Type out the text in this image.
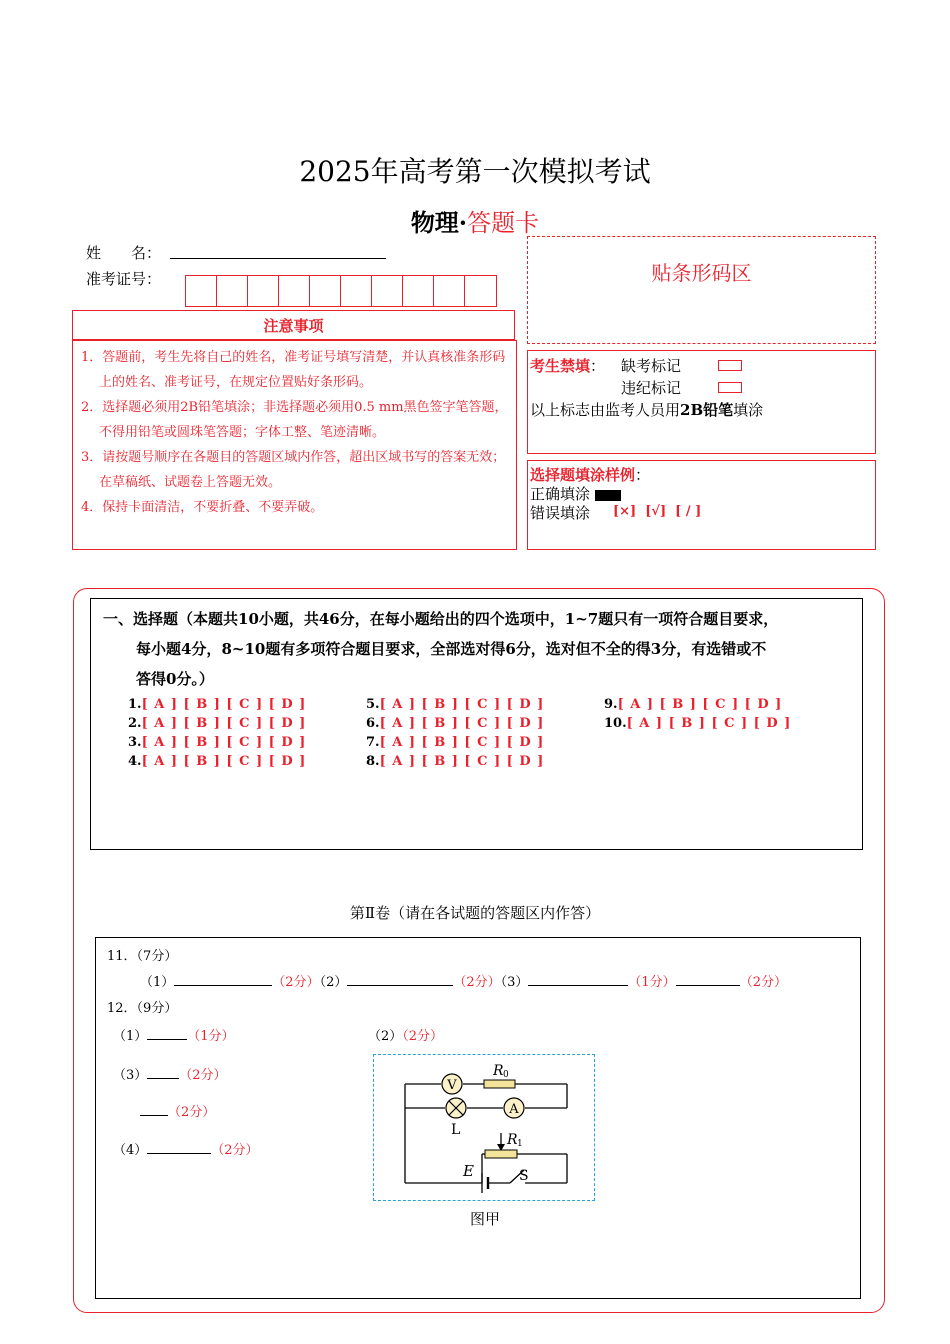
2025年高考第一次模拟考试
物理·答题卡
姓　　名：
准考证号：
注意事项
1．答题前，考生先将自己的姓名，准考证号填写清楚，并认真核准条形码上的姓名、准考证号，在规定位置贴好条形码。
2．选择题必须用2B铅笔填涂；非选择题必须用0.5 mm黑色签字笔答题，不得用铅笔或圆珠笔答题；字体工整、笔迹清晰。
3．请按题号顺序在各题目的答题区域内作答，超出区域书写的答案无效；在草稿纸、试题卷上答题无效。
4．保持卡面清洁，不要折叠、不要弄破。
贴条形码区
考生禁填： 缺考标记
违纪标记
以上标志由监考人员用2B铅笔填涂
选择题填涂样例：
正确填涂
错误填涂 [×]  [√]  [ / ]
一、选择题（本题共10小题，共46分，在每小题给出的四个选项中，1~7题只有一项符合题目要求，
每小题4分，8~10题有多项符合题目要求，全部选对得6分，选对但不全的得3分，有选错或不
答得0分。）
1.[ A ] [ B ] [ C ] [ D ]
2.[ A ] [ B ] [ C ] [ D ]
3.[ A ] [ B ] [ C ] [ D ]
4.[ A ] [ B ] [ C ] [ D ]
5.[ A ] [ B ] [ C ] [ D ]
6.[ A ] [ B ] [ C ] [ D ]
7.[ A ] [ B ] [ C ] [ D ]
8.[ A ] [ B ] [ C ] [ D ]
9.[ A ] [ B ] [ C ] [ D ]
10.[ A ] [ B ] [ C ] [ D ]
第Ⅱ卷（请在各试题的答题区内作答）
11．（7分）
（1）	（2分）（2）	（2分）（3）	（1分）	（2分）
12．（9分）
（1）	（1分）	（2）（2分）
（3） （2分）
（2分）
（4）	（2分）
V
A
R 0
R 1
L
E	S
图甲
